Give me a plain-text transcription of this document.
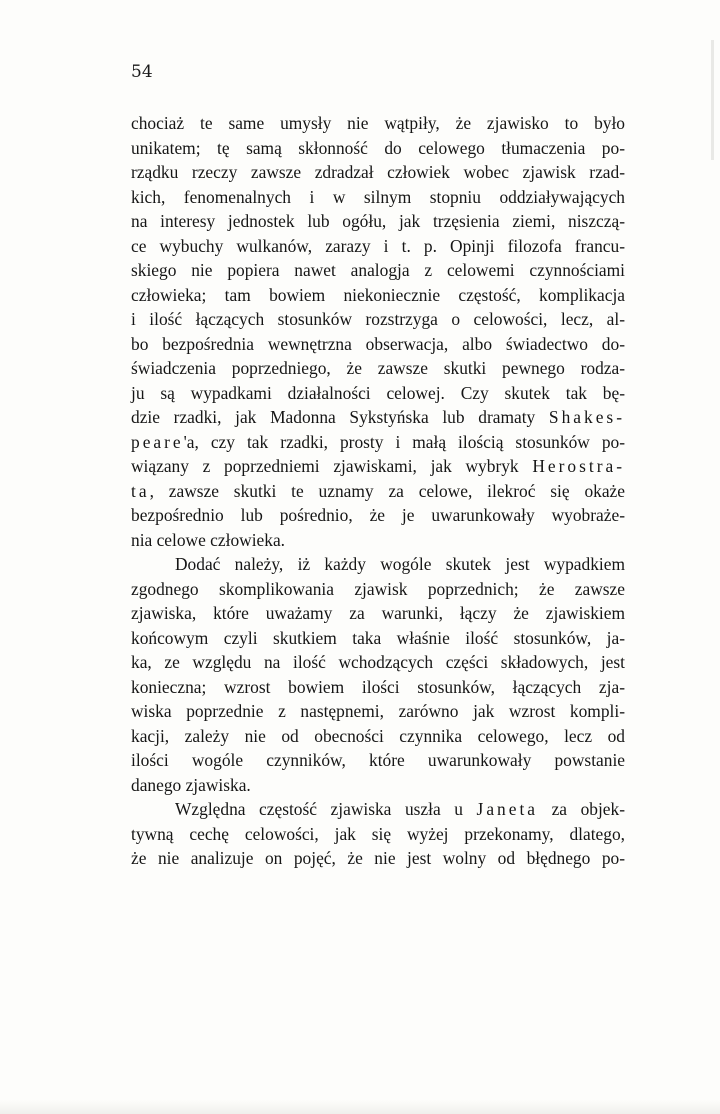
54
chociaż te same umysły nie wątpiły, że zjawisko to było
unikatem; tę samą skłonność do celowego tłumaczenia po-
rządku rzeczy zawsze zdradzał człowiek wobec zjawisk rzad-
kich, fenomenalnych i w silnym stopniu oddziaływających
na interesy jednostek lub ogółu, jak trzęsienia ziemi, niszczą-
ce wybuchy wulkanów, zarazy i t. p. Opinji filozofa francu-
skiego nie popiera nawet analogja z celowemi czynnościami
człowieka; tam bowiem niekoniecznie częstość, komplikacja
i ilość łączących stosunków rozstrzyga o celowości, lecz, al-
bo bezpośrednia wewnętrzna obserwacja, albo świadectwo do-
świadczenia poprzedniego, że zawsze skutki pewnego rodza-
ju są wypadkami działalności celowej. Czy skutek tak bę-
dzie rzadki, jak Madonna Sykstyńska lub dramaty Shakes-
peare'a, czy tak rzadki, prosty i małą ilością stosunków po-
wiązany z poprzedniemi zjawiskami, jak wybryk Herostra-
ta, zawsze skutki te uznamy za celowe, ilekroć się okaże
bezpośrednio lub pośrednio, że je uwarunkowały wyobraże-
nia celowe człowieka.
Dodać należy, iż każdy wogóle skutek jest wypadkiem
zgodnego skomplikowania zjawisk poprzednich; że zawsze
zjawiska, które uważamy za warunki, łączy że zjawiskiem
końcowym czyli skutkiem taka właśnie ilość stosunków, ja-
ka, ze względu na ilość wchodzących części składowych, jest
konieczna; wzrost bowiem ilości stosunków, łączących zja-
wiska poprzednie z następnemi, zarówno jak wzrost kompli-
kacji, zależy nie od obecności czynnika celowego, lecz od
ilości wogóle czynników, które uwarunkowały powstanie
danego zjawiska.
Względna częstość zjawiska uszła u Janeta za objek-
tywną cechę celowości, jak się wyżej przekonamy, dlatego,
że nie analizuje on pojęć, że nie jest wolny od błędnego po-
